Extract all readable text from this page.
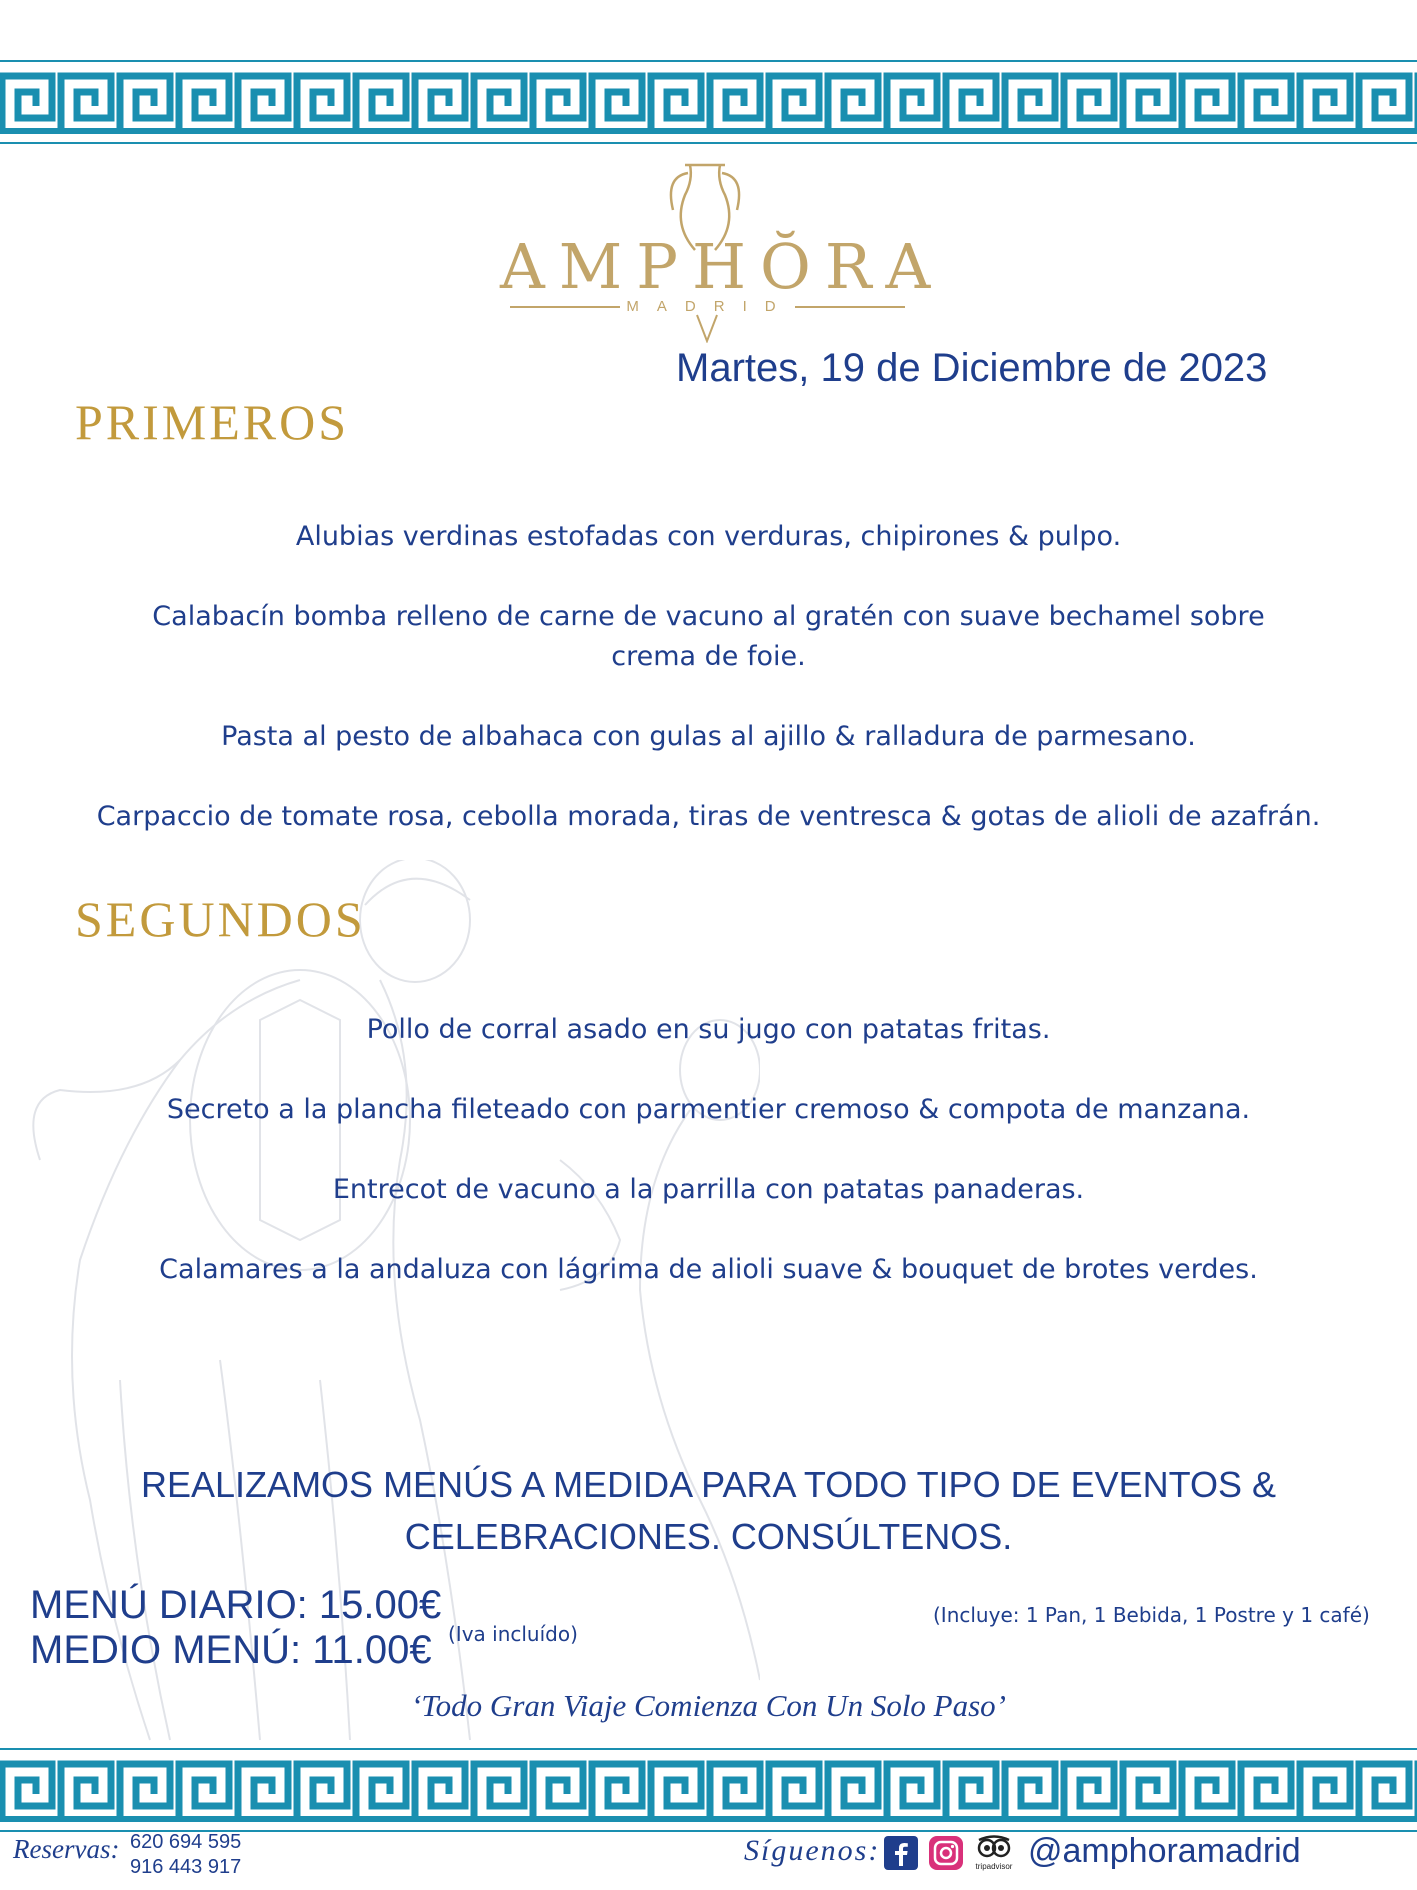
AMPHŎRA
MADRID
Martes, 19 de Diciembre de 2023
PRIMEROS
Alubias verdinas estofadas con verduras, chipirones & pulpo.
Calabacín bomba relleno de carne de vacuno al gratén con suave bechamel sobre crema de foie.
Pasta al pesto de albahaca con gulas al ajillo & ralladura de parmesano.
Carpaccio de tomate rosa, cebolla morada, tiras de ventresca & gotas de alioli de azafrán.
SEGUNDOS
Pollo de corral asado en su jugo con patatas fritas.
Secreto a la plancha fileteado con parmentier cremoso & compota de manzana.
Entrecot de vacuno a la parrilla con patatas panaderas.
Calamares a la andaluza con lágrima de alioli suave & bouquet de brotes verdes.
REALIZAMOS MENÚS A MEDIDA PARA TODO TIPO DE EVENTOS & CELEBRACIONES. CONSÚLTENOS.
MENÚ DIARIO: 15.00€
MEDIO MENÚ: 11.00€ (Iva incluído)
(Incluye: 1 Pan, 1 Bebida, 1 Postre y 1 café)
‘Todo Gran Viaje Comienza Con Un Solo Paso’
Reservas: 620 694 595
916 443 917	Síguenos:	tripadvisor @amphoramadrid
